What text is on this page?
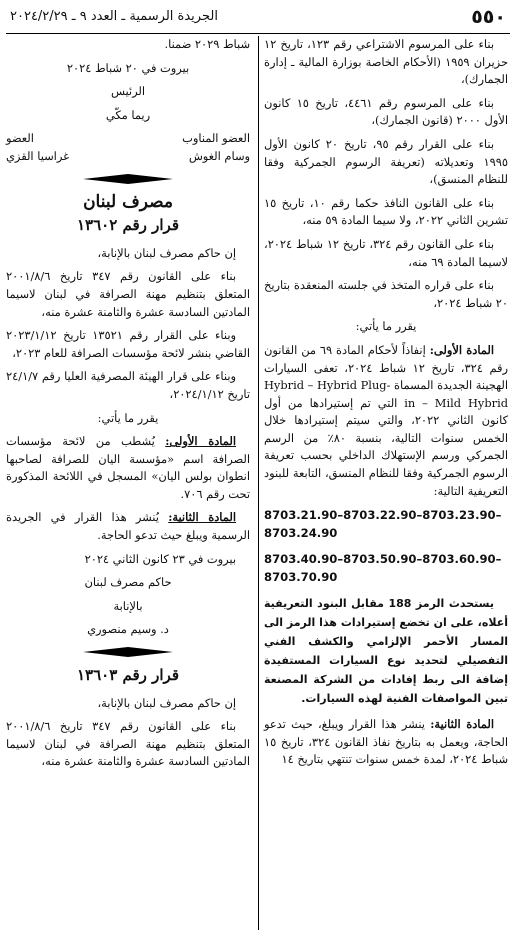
٥٥٠
الجريدة الرسمية ـ العدد ٩ ـ ٢٠٢٤/٢/٢٩

بناء على المرسوم الاشتراعي رقم ١٢٣، تاريخ ١٢ حزيران ١٩٥٩ (الأحكام الخاصة بوزارة المالية ـ إدارة الجمارك)،

بناء على المرسوم رقم ٤٤٦١، تاريخ ١٥ كانون الأول ٢٠٠٠ (قانون الجمارك)،

بناء على القرار رقم ٩٥، تاريخ ٢٠ كانون الأول ١٩٩٥ وتعديلاته (تعريفة الرسوم الجمركية وفقا للنظام المنسق)،

بناء على القانون النافذ حكما رقم ١٠، تاريخ ١٥ تشرين الثاني ٢٠٢٢، ولا سيما المادة ٥٩ منه،

بناء على القانون رقم ٣٢٤، تاريخ ١٢ شباط ٢٠٢٤، لاسيما المادة ٦٩ منه،

بناء على قراره المتخذ في جلسته المنعقدة بتاريخ ٢٠ شباط ٢٠٢٤،

يقرر ما يأتي:

المادة الأولى: إنفاذاً لأحكام المادة ٦٩ من القانون رقم ٣٢٤، تاريخ ١٢ شباط ٢٠٢٤، تعفى السيارات الهجينة الجديدة المسماة Hybrid – Hybrid Plug-in – Mild Hybrid التي تم إستيرادها من أول كانون الثاني ٢٠٢٢، والتي سيتم إستيرادها خلال الخمس سنوات التالية، بنسبة ٨٠٪ من الرسم الجمركي ورسم الإستهلاك الداخلي بحسب تعريفة الرسوم الجمركية وفقا للنظام المنسق، التابعة للبنود التعريفية التالية:

8703.21.90–8703.22.90–8703.23.90–
8703.24.90
8703.40.90–8703.50.90–8703.60.90–
8703.70.90

يستحدث الرمز 188 مقابل البنود التعريفية أعلاه، على ان تخضع إستيرادات هذا الرمز الى المسار الأحمر الإلزامي والكشف الفني التفصيلي لتحديد نوع السيارات المستفيدة إضافة الى ربط إفادات من الشركة المصنعة تبين المواصفات الفنية لهذه السيارات.

المادة الثانية: ينشر هذا القرار ويبلغ، حيث تدعو الحاجة، ويعمل به بتاريخ نفاذ القانون ٣٢٤، تاريخ ١٥ شباط ٢٠٢٤، لمدة خمس سنوات تنتهي بتاريخ ١٤

شباط ٢٠٢٩ ضمنا.

بيروت في ٢٠ شباط ٢٠٢٤

الرئيس

ريما مكّي

العضو المناوب
العضو
وسام الغوش
غراسيا القزي
مصرف لبنان
قرار رقم ١٣٦٠٢

إن حاكم مصرف لبنان بالإنابة،

بناء على القانون رقم ٣٤٧ تاريخ ٢٠٠١/٨/٦ المتعلق بتنظيم مهنة الصرافة في لبنان لاسيما المادتين السادسة عشرة والثامنة عشرة منه،

وبناء على القرار رقم ١٣٥٢١ تاريخ ٢٠٢٣/١/١٢ القاضي بنشر لائحة مؤسسات الصرافة للعام ٢٠٢٣،

وبناء على قرار الهيئة المصرفية العليا رقم ٢٤/١/٧ تاريخ ٢٠٢٤/١/١٢،

يقرر ما يأتي:

المادة الأولى: يُشطب من لائحة مؤسسات الصرافة اسم «مؤسسة اليان للصرافة لصاحبها انطوان بولس اليان» المسجل في اللائحة المذكورة تحت رقم ٧٠٦.

المادة الثانية: يُنشر هذا القرار في الجريدة الرسمية ويبلغ حيث تدعو الحاجة.

بيروت في ٢٣ كانون الثاني ٢٠٢٤

حاكم مصرف لبنان

بالإنابة

د. وسيم منصوري

قرار رقم ١٣٦٠٣

إن حاكم مصرف لبنان بالإنابة،

بناء على القانون رقم ٣٤٧ تاريخ ٢٠٠١/٨/٦ المتعلق بتنظيم مهنة الصرافة في لبنان لاسيما المادتين السادسة عشرة والثامنة عشرة منه،
